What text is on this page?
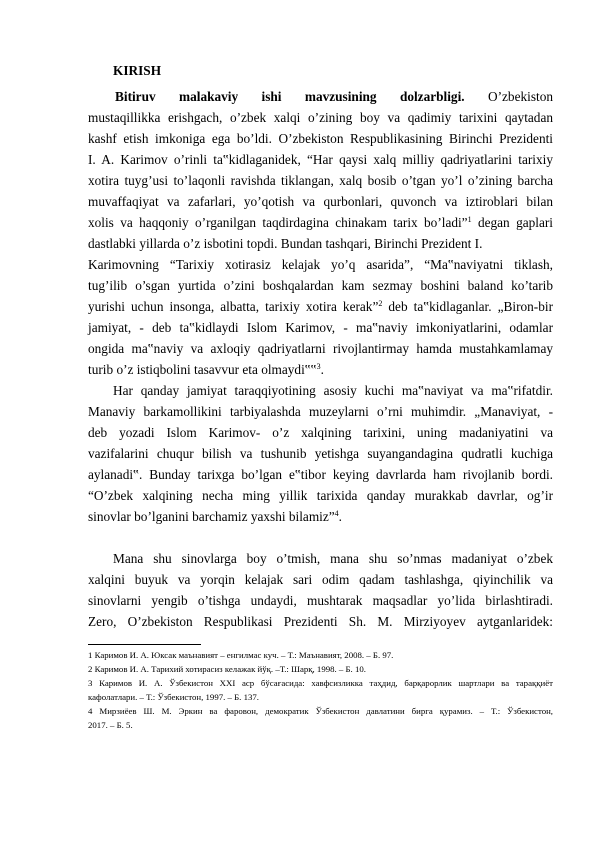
KIRISH
Bitiruv malakaviy ishi mavzusining dolzarbligi. O’zbekiston
mustaqillikka erishgach, o’zbek xalqi o’zining boy va qadimiy tarixini qaytadan
kashf etish imkoniga ega bo’ldi. O’zbekiston Respublikasining Birinchi Prezidenti
I. A. Karimov o’rinli ta‟kidlaganidek, “Har qaysi xalq milliy qadriyatlarini tarixiy
xotira tuyg’usi to’laqonli ravishda tiklangan, xalq bosib o’tgan yo’l o’zining barcha
muvaffaqiyat va zafarlari, yo’qotish va qurbonlari, quvonch va iztiroblari bilan
xolis va haqqoniy o’rganilgan taqdirdagina chinakam tarix bo’ladi”$^1$ degan gaplari
dastlabki yillarda o’z isbotini topdi. Bundan tashqari, Birinchi Prezident I.
Karimovning “Tarixiy xotirasiz kelajak yo’q asarida”, “Ma‟naviyatni tiklash,
tug’ilib o’sgan yurtida o’zini boshqalardan kam sezmay boshini baland ko’tarib
yurishi uchun insonga, albatta, tarixiy xotira kerak”$^2$ deb ta‟kidlaganlar. „Biron-bir
jamiyat, - deb ta‟kidlaydi Islom Karimov, - ma‟naviy imkoniyatlarini, odamlar
ongida ma‟naviy va axloqiy qadriyatlarni rivojlantirmay hamda mustahkamlamay
turib o’z istiqbolini tasavvur eta olmaydi‟‟$^3$.
Har qanday jamiyat taraqqiyotining asosiy kuchi ma‟naviyat va ma‟rifatdir.
Manaviy barkamollikini tarbiyalashda muzeylarni o’rni muhimdir. „Manaviyat, -
deb yozadi Islom Karimov- o’z xalqining tarixini, uning madaniyatini va
vazifalarini chuqur bilish va tushunib yetishga suyangandagina qudratli kuchiga
aylanadi‟. Bunday tarixga bo’lgan e‟tibor keying davrlarda ham rivojlanib bordi.
“O’zbek xalqining necha ming yillik tarixida qanday murakkab davrlar, og’ir
sinovlar bo’lganini barchamiz yaxshi bilamiz”$^4$.
Mana shu sinovlarga boy o’tmish, mana shu so’nmas madaniyat o’zbek
xalqini buyuk va yorqin kelajak sari odim qadam tashlashga, qiyinchilik va
sinovlarni yengib o’tishga undaydi, mushtarak maqsadlar yo’lida birlashtiradi.
Zero, O’zbekiston Respublikasi Prezidenti Sh. M. Mirziyoyev aytganlaridek:
1 Каримов И. А. Юксак маънавият – енгилмас куч. – Т.: Маънавият, 2008. – Б. 97.
2 Каримов И. А. Тарихий хотирасиз келажак йўқ. –Т.: Шарқ, 1998. – Б. 10.
3 Каримов И. А. Ўзбекистон ХХI аср бўсағасида: хавфсизликка таҳдид, барқарорлик шартлари ва тараққиёт
кафолатлари. – Т.: Ўзбекистон, 1997. – Б. 137.
4 Мирзиёев Ш. М. Эркин ва фаровон, демократик Ўзбекистон давлатини бирга қурамиз. – Т.: Ўзбекистон,
2017. – Б. 5.
